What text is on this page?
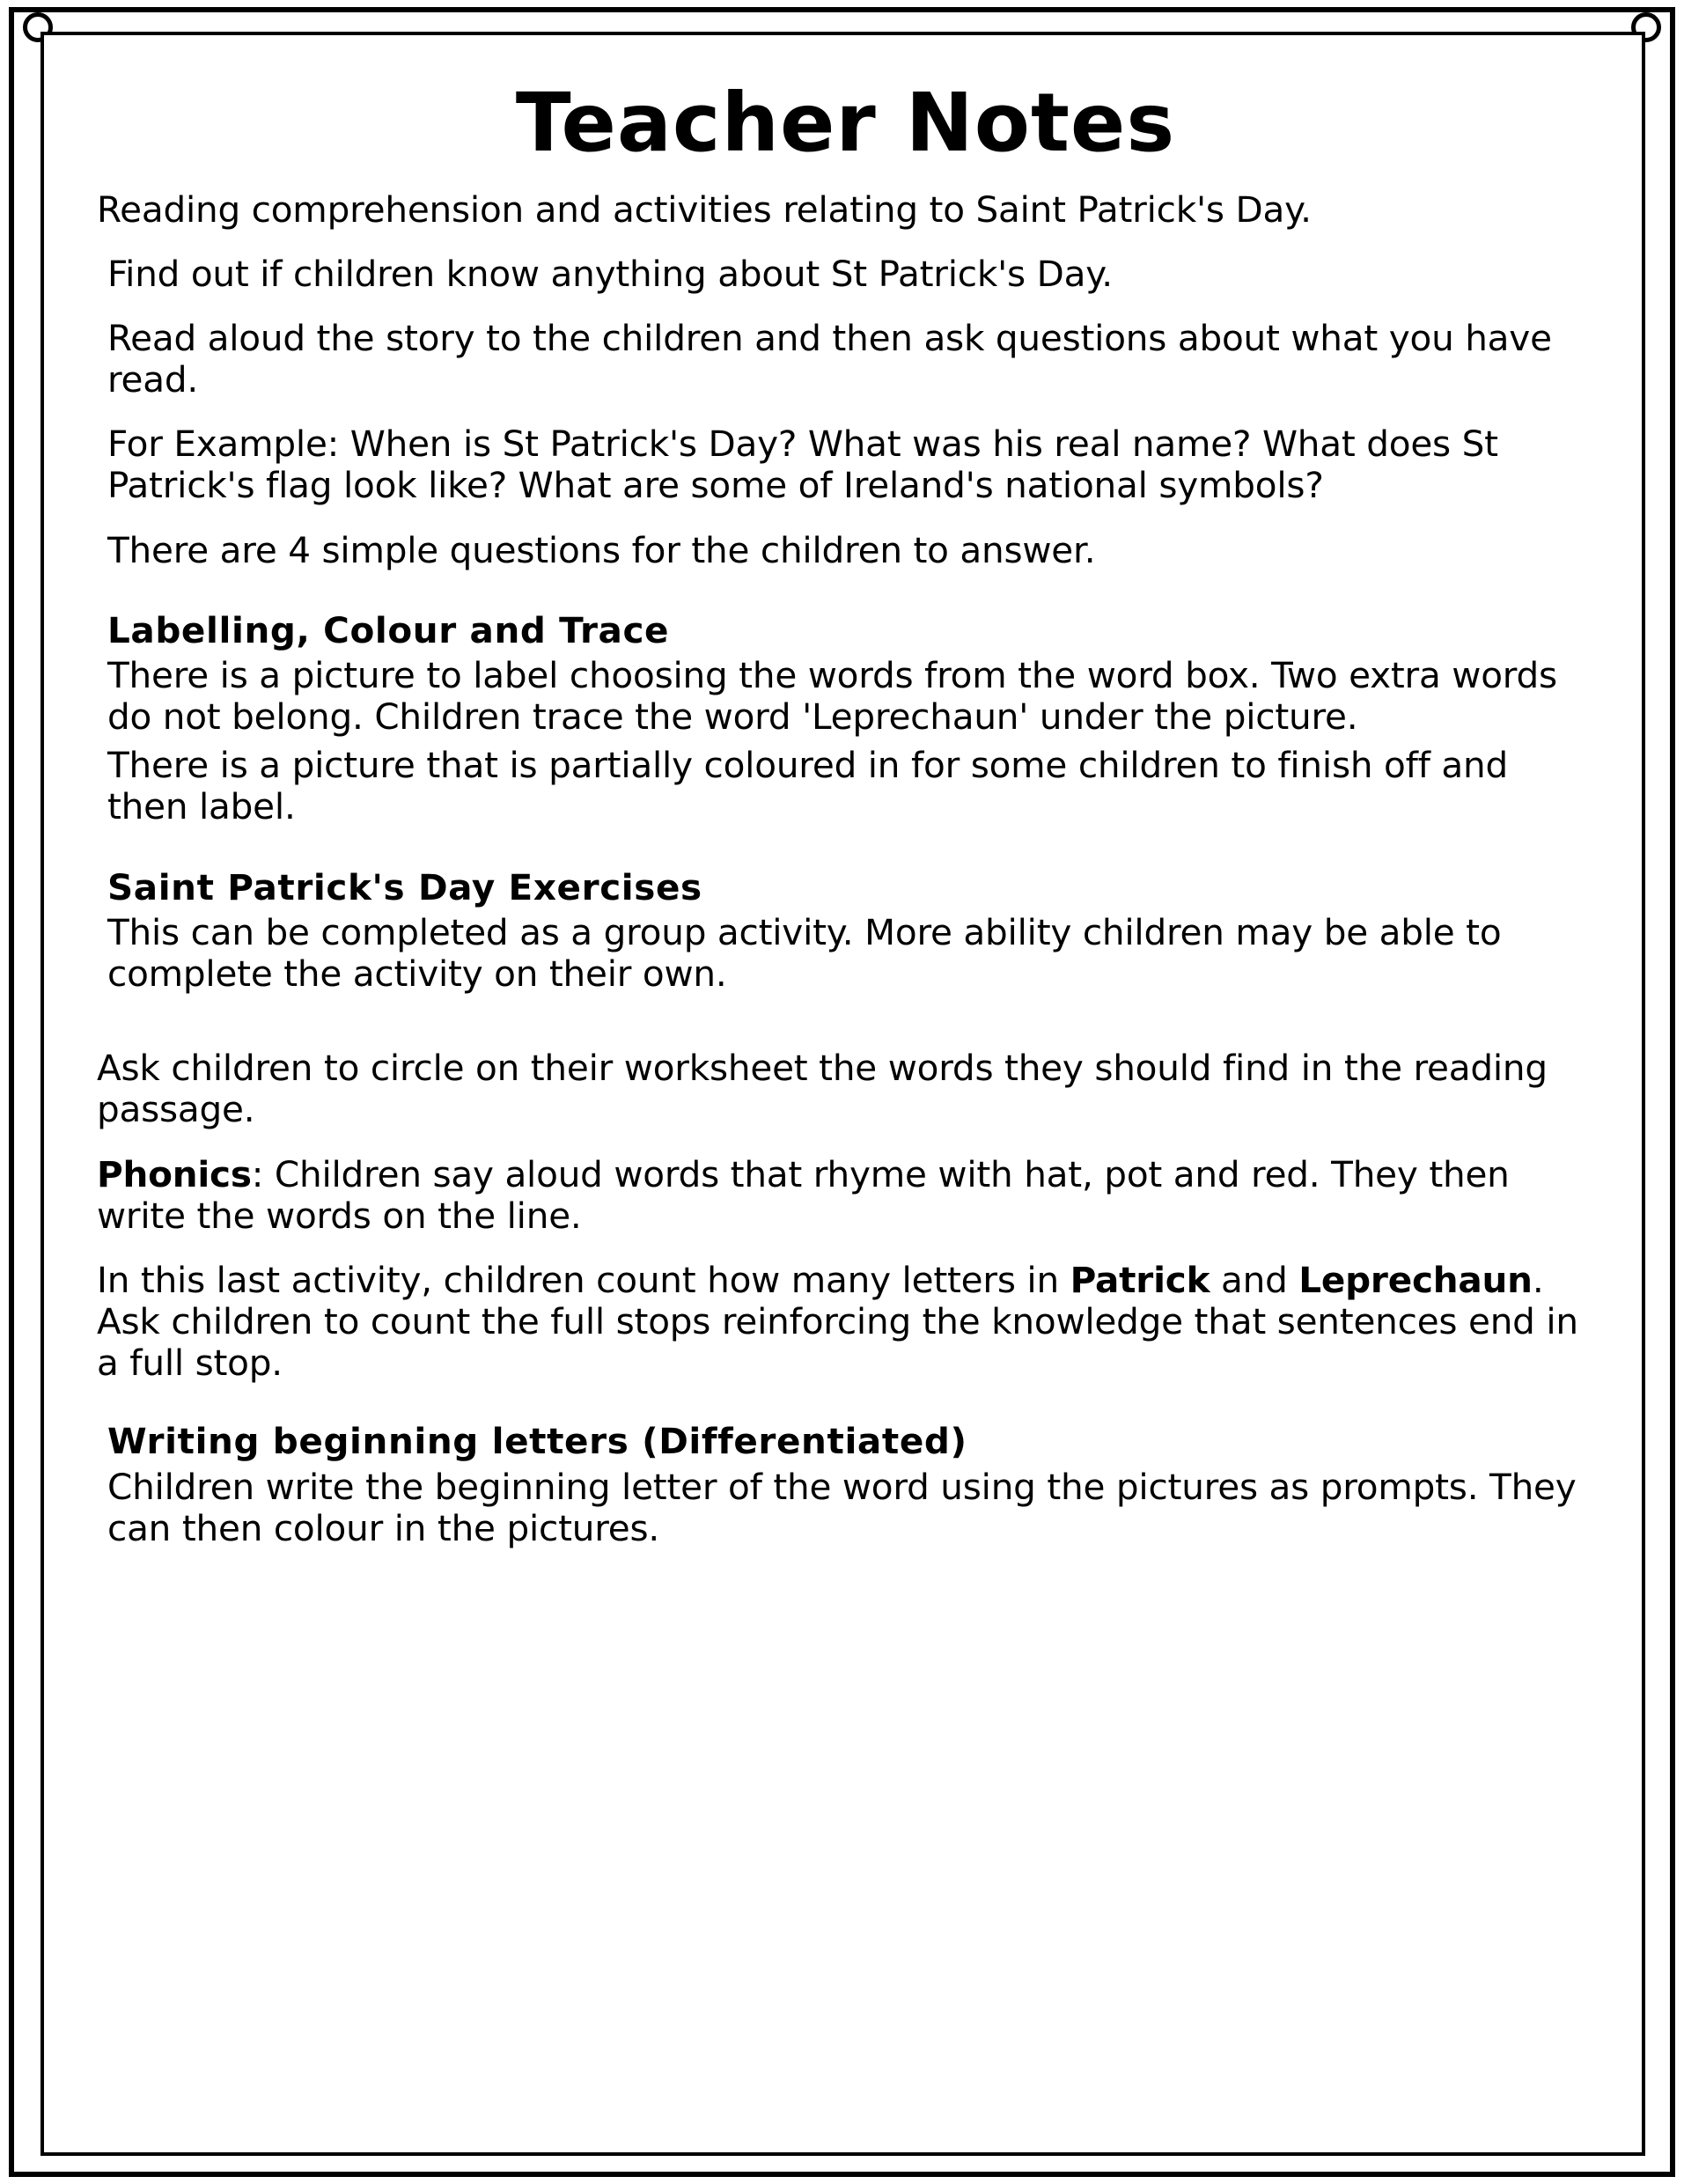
Teacher Notes

Reading comprehension and activities relating to Saint Patrick's Day.

Find out if children know anything about St Patrick's Day.

Read aloud the story to the children and then ask questions about what you have read.

For Example: When is St Patrick's Day? What was his real name? What does St Patrick's flag look like? What are some of Ireland's national symbols?

There are 4 simple questions for the children to answer.

Labelling, Colour and Trace

There is a picture to label choosing the words from the word box. Two extra words do not belong. Children trace the word 'Leprechaun' under the picture.

There is a picture that is partially coloured in for some children to finish off and then label.

Saint Patrick's Day Exercises

This can be completed as a group activity. More ability children may be able to complete the activity on their own.

Ask children to circle on their worksheet the words they should find in the reading passage.

Phonics: Children say aloud words that rhyme with hat, pot and red. They then write the words on the line.

In this last activity, children count how many letters in Patrick and Leprechaun. Ask children to count the full stops reinforcing the knowledge that sentences end in a full stop.

Writing beginning letters (Differentiated)

Children write the beginning letter of the word using the pictures as prompts. They can then colour in the pictures.
